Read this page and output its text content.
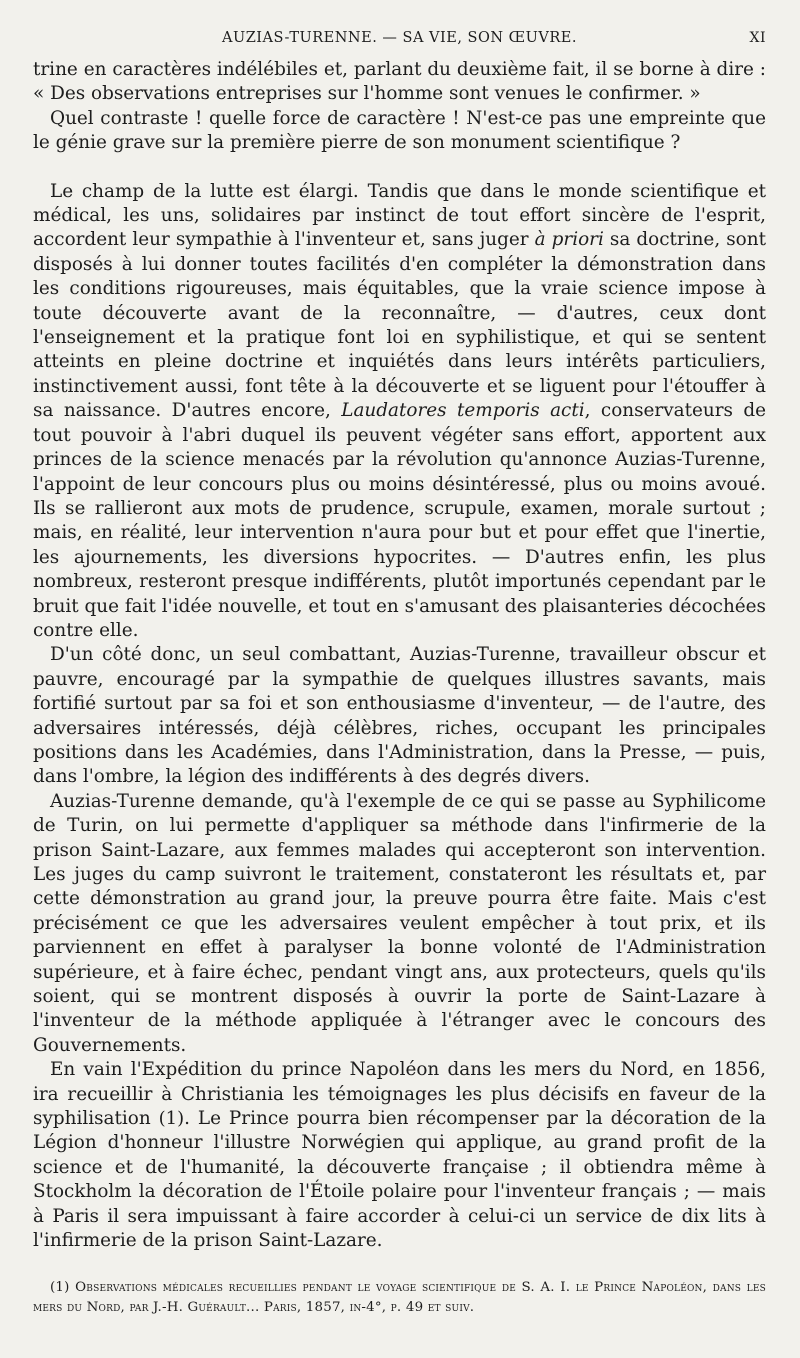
AUZIAS-TURENNE. — SA VIE, SON ŒUVRE.	XI

trine en caractères indélébiles et, parlant du deuxième fait, il se borne à dire : « Des observations entreprises sur l'homme sont venues le confirmer. »

Quel contraste ! quelle force de caractère ! N'est-ce pas une empreinte que le génie grave sur la première pierre de son monument scientifique ?

Le champ de la lutte est élargi. Tandis que dans le monde scientifique et médical, les uns, solidaires par instinct de tout effort sincère de l'esprit, accordent leur sympathie à l'inventeur et, sans juger à priori sa doctrine, sont disposés à lui donner toutes facilités d'en compléter la démonstration dans les conditions rigoureuses, mais équitables, que la vraie science impose à toute découverte avant de la reconnaître, — d'autres, ceux dont l'enseignement et la pratique font loi en syphilistique, et qui se sentent atteints en pleine doctrine et inquiétés dans leurs intérêts particuliers, instinctivement aussi, font tête à la découverte et se liguent pour l'étouffer à sa naissance. D'autres encore, Laudatores temporis acti, conservateurs de tout pouvoir à l'abri duquel ils peuvent végéter sans effort, apportent aux princes de la science menacés par la révolution qu'annonce Auzias-Turenne, l'appoint de leur concours plus ou moins désintéressé, plus ou moins avoué. Ils se rallieront aux mots de prudence, scrupule, examen, morale surtout ; mais, en réalité, leur intervention n'aura pour but et pour effet que l'inertie, les ajournements, les diversions hypocrites. — D'autres enfin, les plus nombreux, resteront presque indifférents, plutôt importunés cependant par le bruit que fait l'idée nouvelle, et tout en s'amusant des plaisanteries décochées contre elle.

D'un côté donc, un seul combattant, Auzias-Turenne, travailleur obscur et pauvre, encouragé par la sympathie de quelques illustres savants, mais fortifié surtout par sa foi et son enthousiasme d'inventeur, — de l'autre, des adversaires intéressés, déjà célèbres, riches, occupant les principales positions dans les Académies, dans l'Administration, dans la Presse, — puis, dans l'ombre, la légion des indifférents à des degrés divers.

Auzias-Turenne demande, qu'à l'exemple de ce qui se passe au Syphilicome de Turin, on lui permette d'appliquer sa méthode dans l'infirmerie de la prison Saint-Lazare, aux femmes malades qui accepteront son intervention. Les juges du camp suivront le traitement, constateront les résultats et, par cette démonstration au grand jour, la preuve pourra être faite. Mais c'est précisément ce que les adversaires veulent empêcher à tout prix, et ils parviennent en effet à paralyser la bonne volonté de l'Administration supérieure, et à faire échec, pendant vingt ans, aux protecteurs, quels qu'ils soient, qui se montrent disposés à ouvrir la porte de Saint-Lazare à l'inventeur de la méthode appliquée à l'étranger avec le concours des Gouvernements.

En vain l'Expédition du prince Napoléon dans les mers du Nord, en 1856, ira recueillir à Christiania les témoignages les plus décisifs en faveur de la syphilisation (1). Le Prince pourra bien récompenser par la décoration de la Légion d'honneur l'illustre Norwégien qui applique, au grand profit de la science et de l'humanité, la découverte française ; il obtiendra même à Stockholm la décoration de l'Étoile polaire pour l'inventeur français ; — mais à Paris il sera impuissant à faire accorder à celui-ci un service de dix lits à l'infirmerie de la prison Saint-Lazare.

(1) Observations médicales recueillies pendant le voyage scientifique de S. A. I. le Prince Napoléon, dans les mers du Nord, par J.-H. Guérault... Paris, 1857, in-4°, p. 49 et suiv.
